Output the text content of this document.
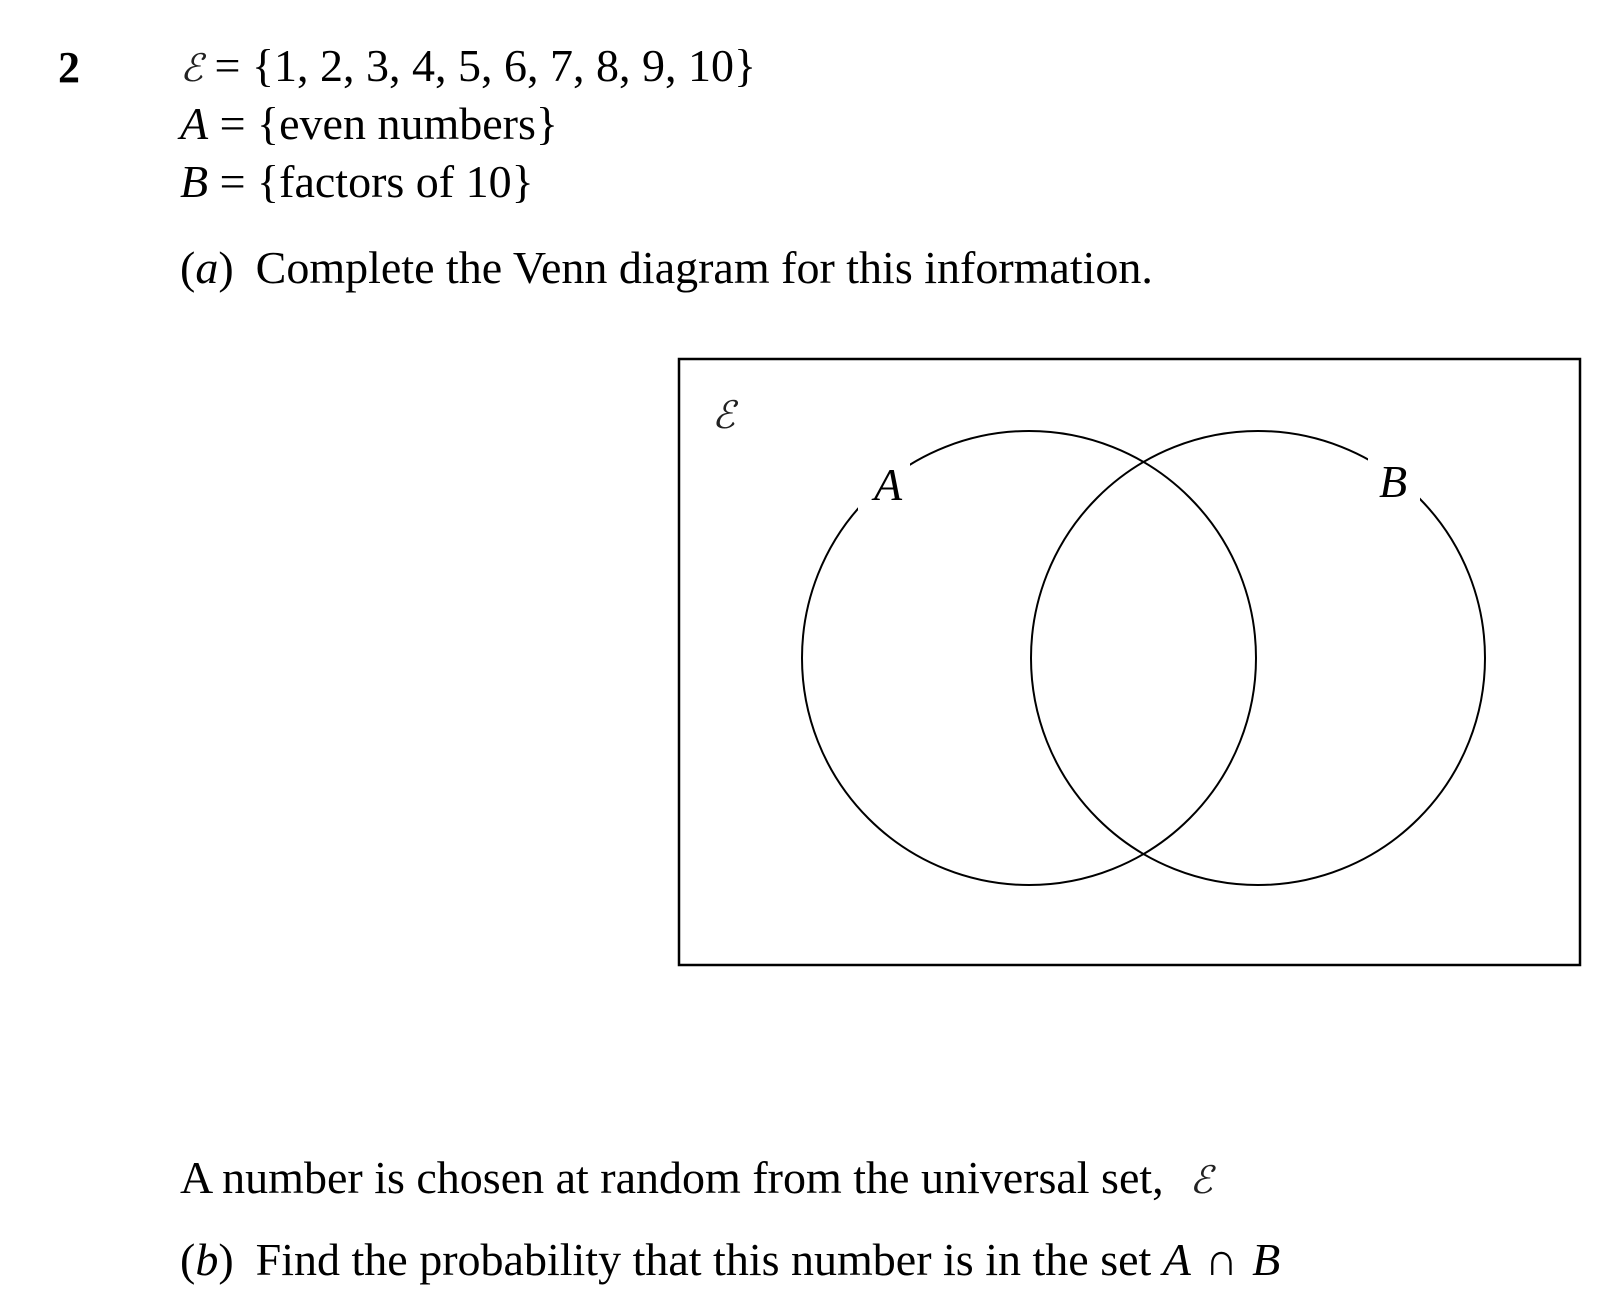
2	ℰ = {1, 2, 3, 4, 5, 6, 7, 8, 9, 10}
A = {even numbers}
B = {factors of 10}
(a) Complete the Venn diagram for this information.
ℰ
A	B
A number is chosen at random from the universal set, ℰ
(b) Find the probability that this number is in the set A ∩ B
